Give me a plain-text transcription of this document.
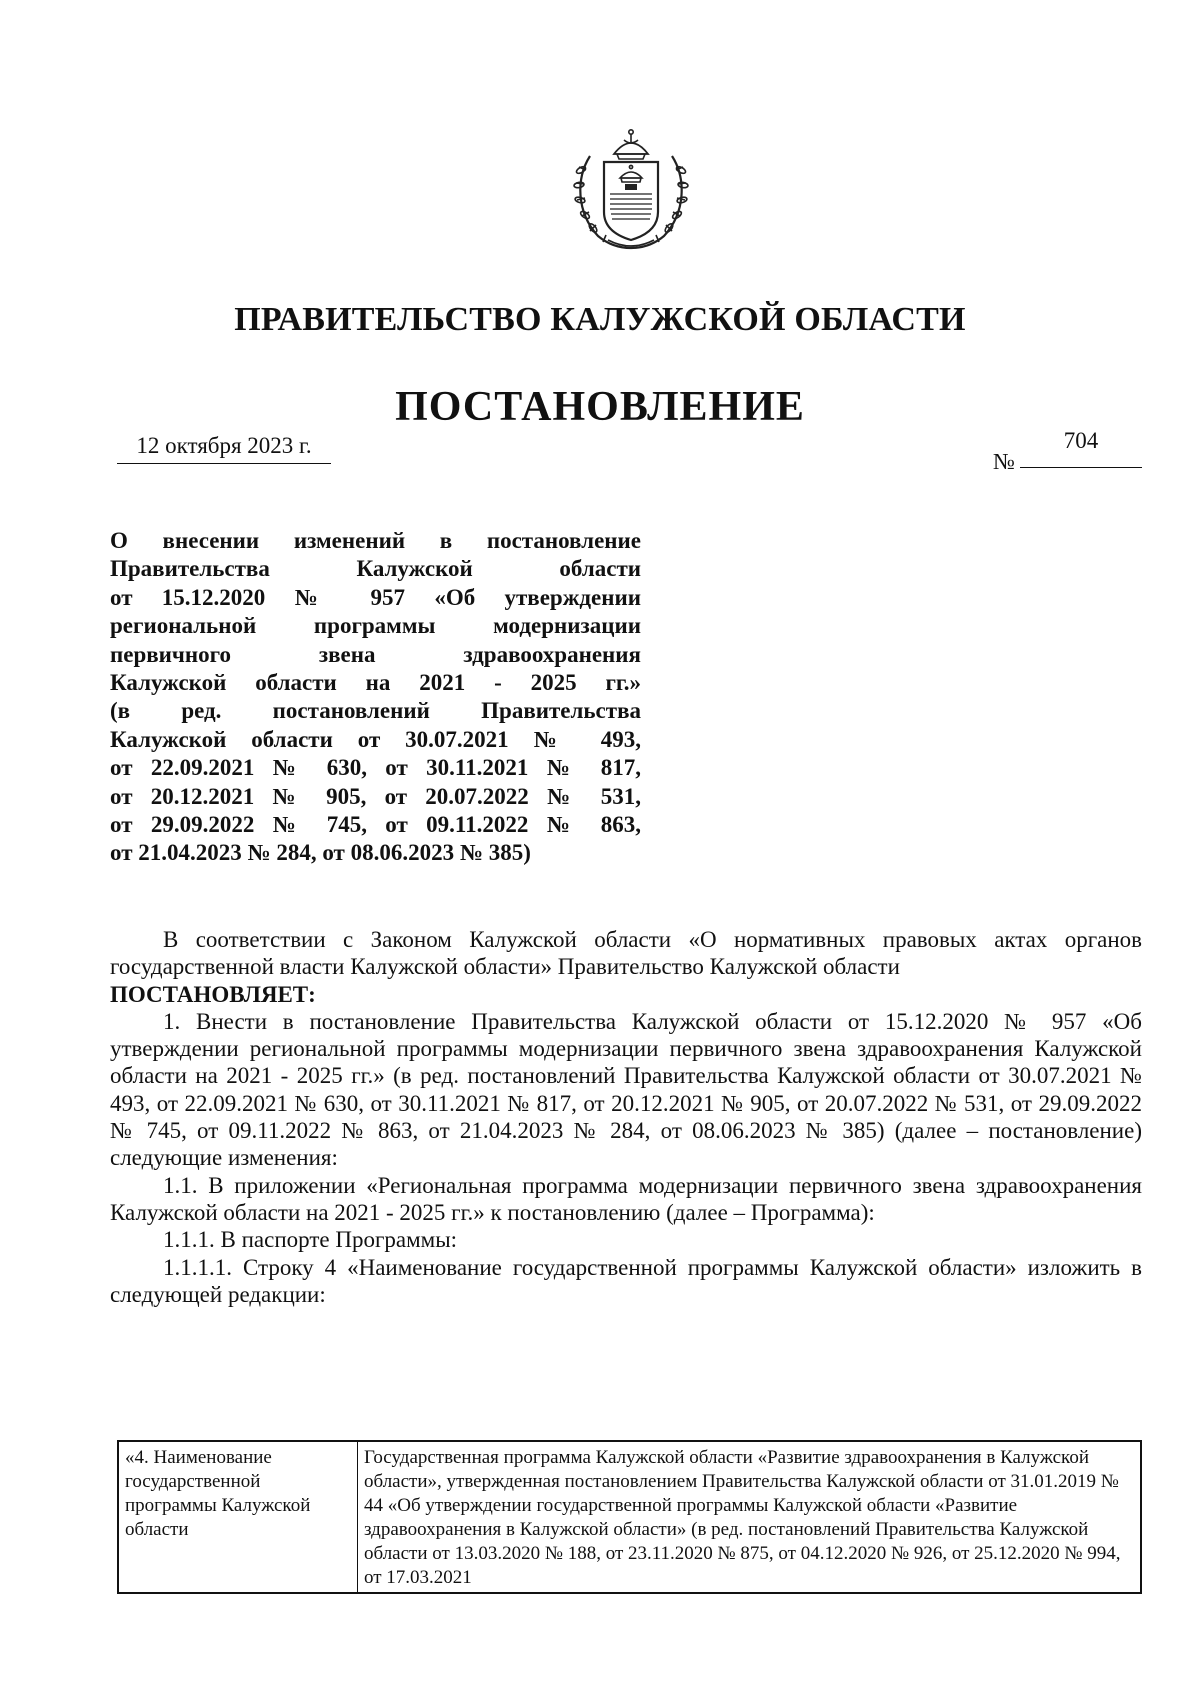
ПРАВИТЕЛЬСТВО КАЛУЖСКОЙ ОБЛАСТИ
ПОСТАНОВЛЕНИЕ
12 октября 2023 г.
№
704
О внесении изменений в постановление
Правительства Калужской области
от 15.12.2020 № 957 «Об утверждении
региональной программы модернизации
первичного звена здравоохранения
Калужской области на 2021 - 2025 гг.»
(в ред. постановлений Правительства
Калужской области от 30.07.2021 № 493,
от 22.09.2021 № 630, от 30.11.2021 № 817,
от 20.12.2021 № 905, от 20.07.2022 № 531,
от 29.09.2022 № 745, от 09.11.2022 № 863,
от 21.04.2023 № 284, от 08.06.2023 № 385)

В соответствии с Законом Калужской области «О нормативных правовых актах органов государственной власти Калужской области» Правительство Калужской области

ПОСТАНОВЛЯЕТ:

1. Внести в постановление Правительства Калужской области от 15.12.2020 № 957 «Об утверждении региональной программы модернизации первичного звена здравоохранения Калужской области на 2021 - 2025 гг.» (в ред. постановлений Правительства Калужской области от 30.07.2021 № 493, от 22.09.2021 № 630, от 30.11.2021 № 817, от 20.12.2021 № 905, от 20.07.2022 № 531, от 29.09.2022 № 745, от 09.11.2022 № 863, от 21.04.2023 № 284, от 08.06.2023 № 385) (далее – постановление) следующие изменения:

1.1. В приложении «Региональная программа модернизации первичного звена здравоохранения Калужской области на 2021 - 2025 гг.» к постановлению (далее – Программа):

1.1.1. В паспорте Программы:

1.1.1.1. Строку 4 «Наименование государственной программы Калужской области» изложить в следующей редакции:

«4. Наименование государственной программы Калужской области	Государственная программа Калужской области «Развитие здравоохранения в Калужской области», утвержденная постановлением Правительства Калужской области от 31.01.2019 № 44 «Об утверждении государственной программы Калужской области «Развитие здравоохранения в Калужской области» (в ред. постановлений Правительства Калужской области от 13.03.2020 № 188, от 23.11.2020 № 875, от 04.12.2020 № 926, от 25.12.2020 № 994, от 17.03.2021
